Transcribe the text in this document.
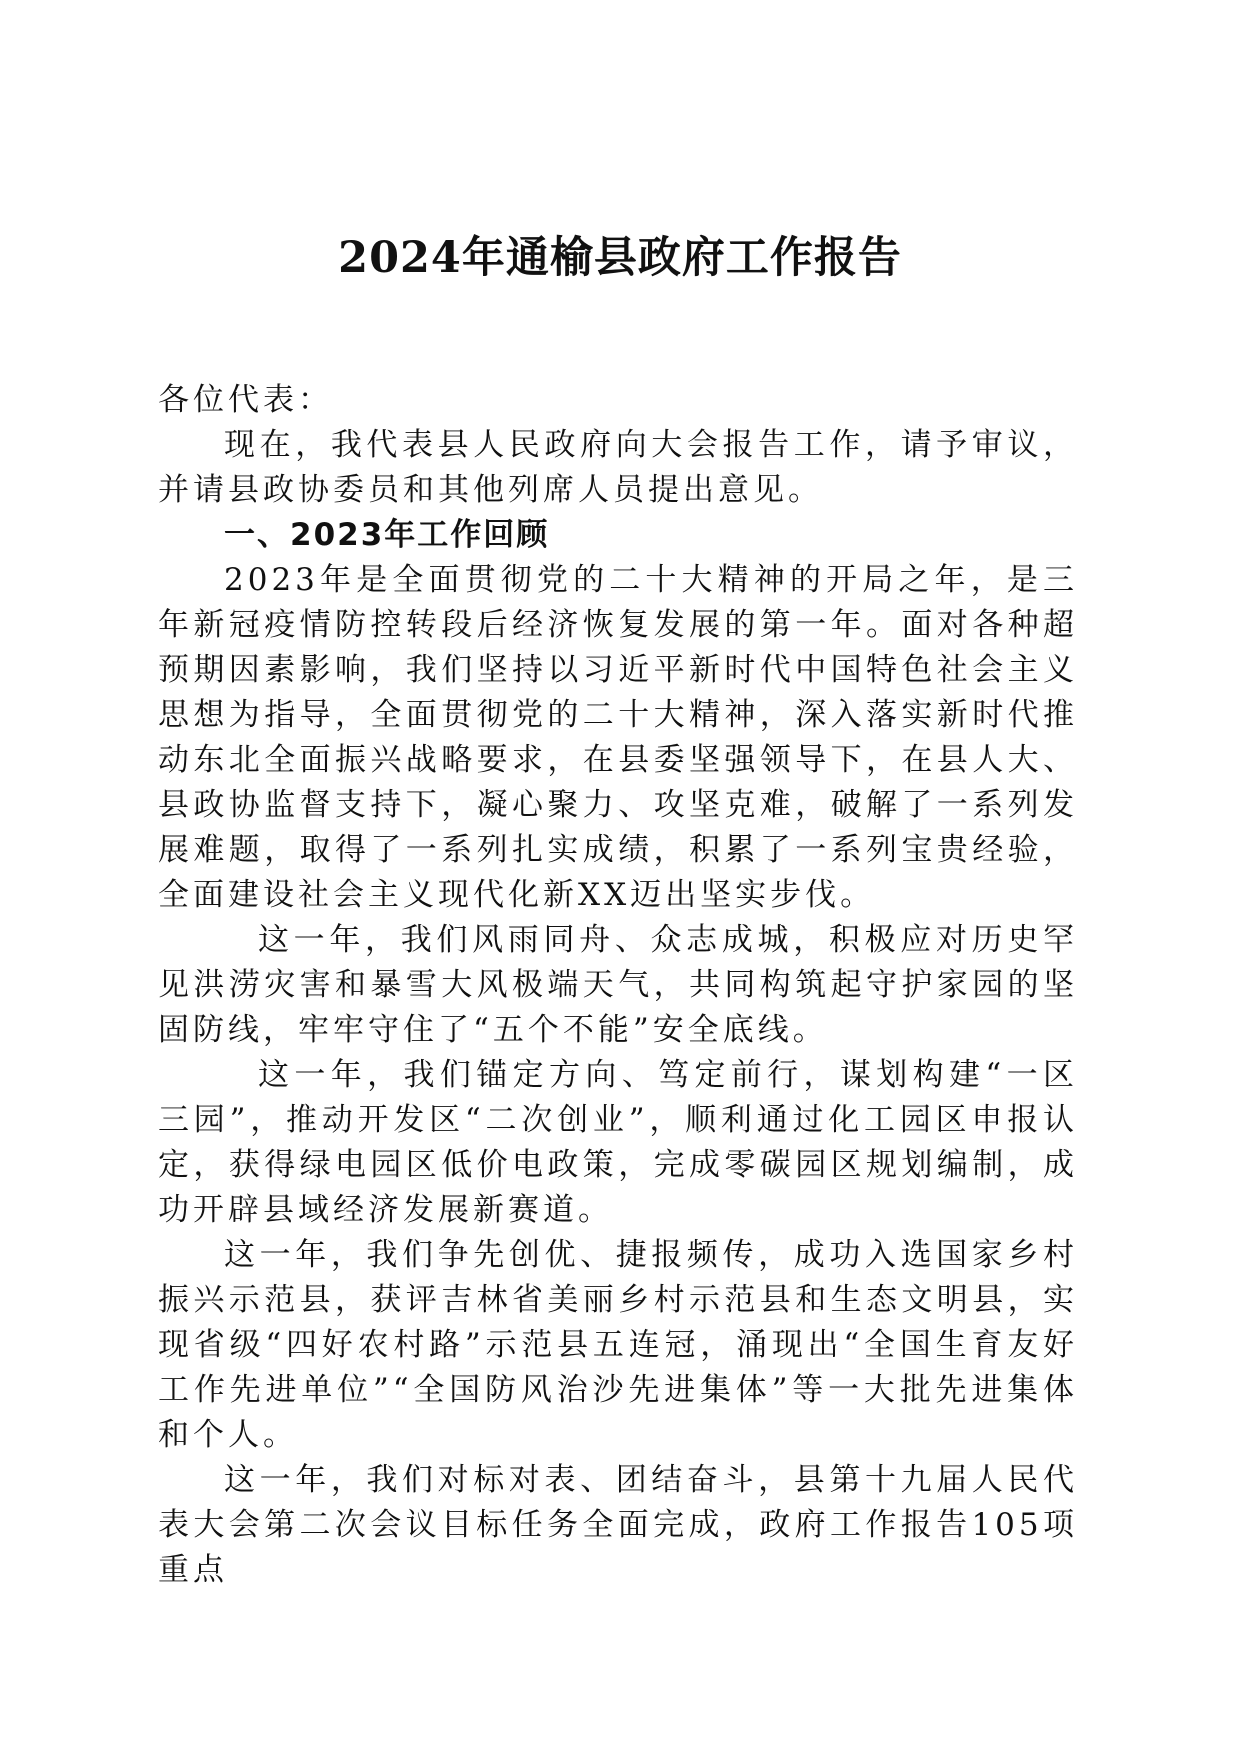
2024年通榆县政府工作报告

各位代表：

现在，我代表县人民政府向大会报告工作，请予审议，并请县政协委员和其他列席人员提出意见。

一、2023年工作回顾

2023年是全面贯彻党的二十大精神的开局之年，是三年新冠疫情防控转段后经济恢复发展的第一年。面对各种超预期因素影响，我们坚持以习近平新时代中国特色社会主义思想为指导，全面贯彻党的二十大精神，深入落实新时代推动东北全面振兴战略要求，在县委坚强领导下，在县人大、县政协监督支持下，凝心聚力、攻坚克难，破解了一系列发展难题，取得了一系列扎实成绩，积累了一系列宝贵经验，全面建设社会主义现代化新XX迈出坚实步伐。

这一年，我们风雨同舟、众志成城，积极应对历史罕见洪涝灾害和暴雪大风极端天气，共同构筑起守护家园的坚固防线，牢牢守住了“五个不能”安全底线。

这一年，我们锚定方向、笃定前行，谋划构建“一区三园”，推动开发区“二次创业”，顺利通过化工园区申报认定，获得绿电园区低价电政策，完成零碳园区规划编制，成功开辟县域经济发展新赛道。

这一年，我们争先创优、捷报频传，成功入选国家乡村振兴示范县，获评吉林省美丽乡村示范县和生态文明县，实现省级“四好农村路”示范县五连冠，涌现出“全国生育友好工作先进单位”“全国防风治沙先进集体”等一大批先进集体和个人。

这一年，我们对标对表、团结奋斗，县第十九届人民代表大会第二次会议目标任务全面完成，政府工作报告105项重点
